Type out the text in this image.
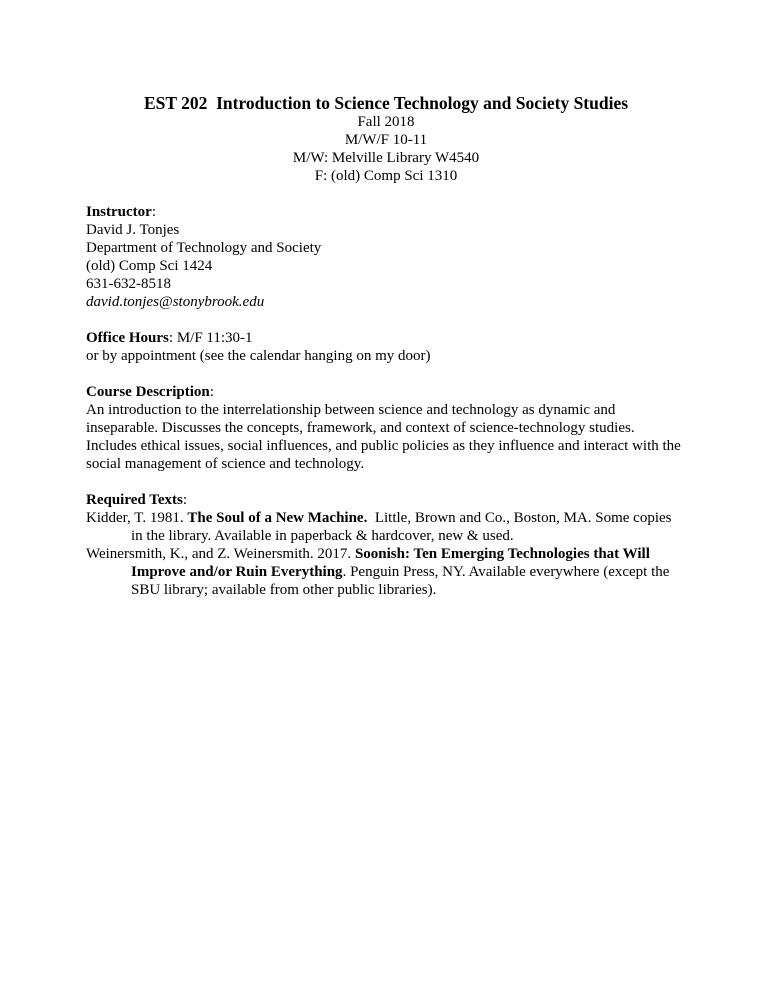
EST 202  Introduction to Science Technology and Society Studies
Fall 2018
M/W/F 10-11
M/W: Melville Library W4540
F: (old) Comp Sci 1310
Instructor:
David J. Tonjes
Department of Technology and Society
(old) Comp Sci 1424
631-632-8518
david.tonjes@stonybrook.edu
Office Hours: M/F 11:30-1
or by appointment (see the calendar hanging on my door)
Course Description:
An introduction to the interrelationship between science and technology as dynamic and inseparable. Discusses the concepts, framework, and context of science-technology studies. Includes ethical issues, social influences, and public policies as they influence and interact with the social management of science and technology.
Required Texts:
Kidder, T. 1981. The Soul of a New Machine.  Little, Brown and Co., Boston, MA. Some copies in the library. Available in paperback & hardcover, new & used.
Weinersmith, K., and Z. Weinersmith. 2017. Soonish: Ten Emerging Technologies that Will Improve and/or Ruin Everything. Penguin Press, NY. Available everywhere (except the SBU library; available from other public libraries).
